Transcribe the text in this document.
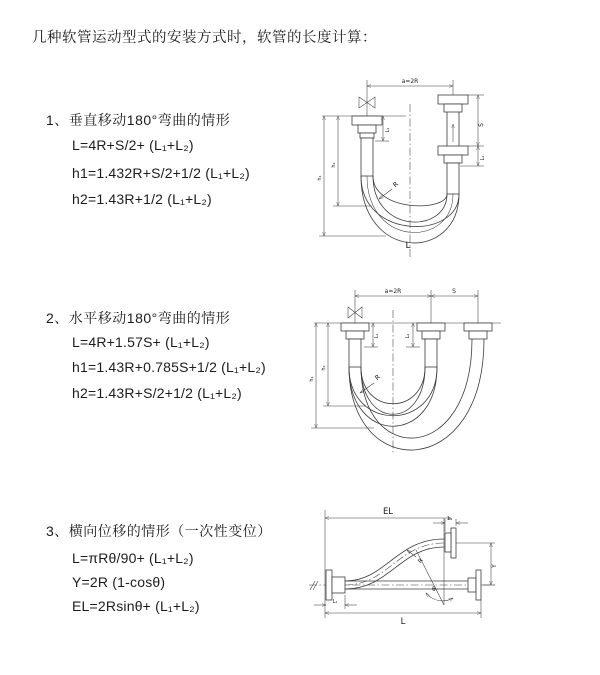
几种软管运动型式的安装方式时，软管的长度计算：
1、垂直移动180°弯曲的情形
L=4R+S/2+ (L₁+L₂)
h1=1.432R+S/2+1/2 (L₁+L₂)
h2=1.43R+1/2 (L₁+L₂)
2、水平移动180°弯曲的情形
L=4R+1.57S+ (L₁+L₂)
h1=1.43R+0.785S+1/2 (L₁+L₂)
h2=1.43R+S/2+1/2 (L₁+L₂)
3、横向位移的情形（一次性变位）
L=πRθ/90+ (L₁+L₂)
Y=2R (1-cosθ)
EL=2Rsinθ+ (L₁+L₂)
a=2R
S
L₂
L₁
h₂
h₁
R
L
a=2R	S
L₁	L₂
h₂
h₁	R
EL
L₂
Y
θ
R
L
L₁
